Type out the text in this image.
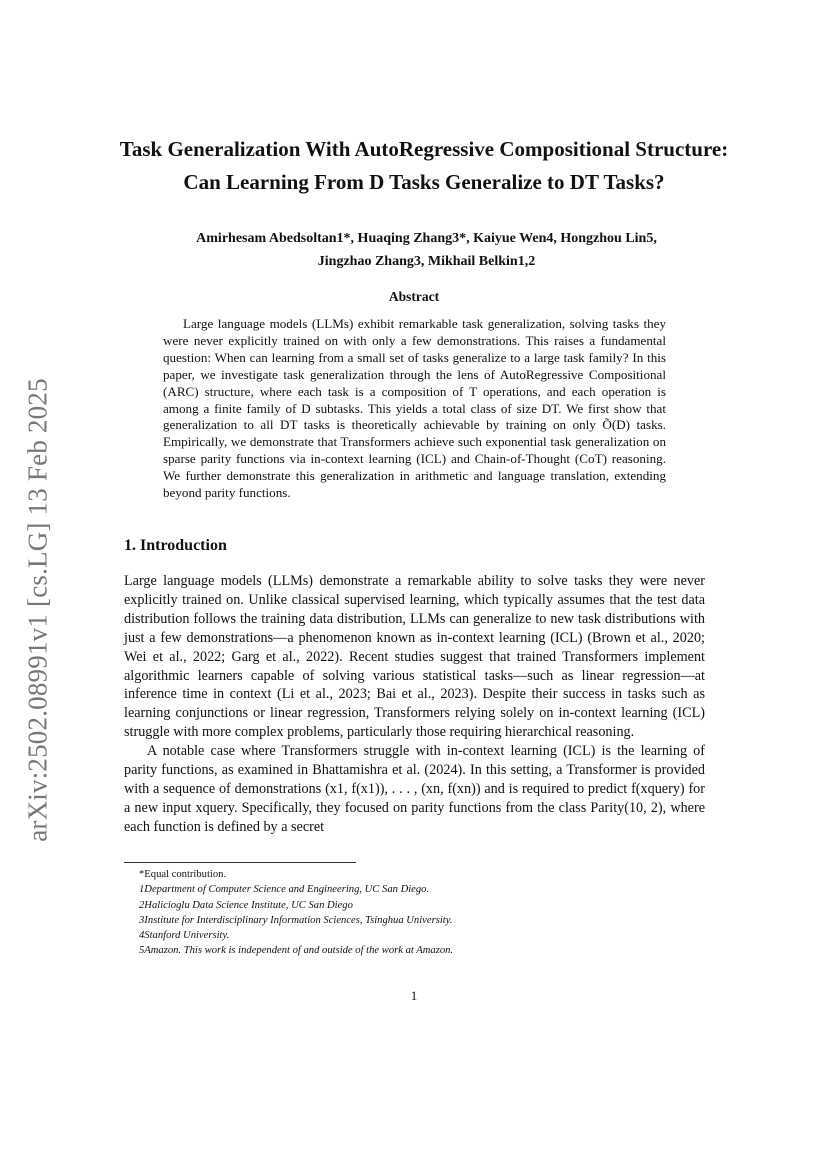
arXiv:2502.08991v1 [cs.LG] 13 Feb 2025
Task Generalization With AutoRegressive Compositional Structure:
Can Learning From D Tasks Generalize to DT Tasks?
Amirhesam Abedsoltan1*, Huaqing Zhang3*, Kaiyue Wen4, Hongzhou Lin5,
Jingzhao Zhang3, Mikhail Belkin1,2
Abstract

Large language models (LLMs) exhibit remarkable task generalization, solving tasks they were never explicitly trained on with only a few demonstrations. This raises a fundamental question: When can learning from a small set of tasks generalize to a large task family? In this paper, we investigate task generalization through the lens of AutoRegressive Compositional (ARC) structure, where each task is a composition of T operations, and each operation is among a finite family of D subtasks. This yields a total class of size DT. We first show that generalization to all DT tasks is theoretically achievable by training on only Õ(D) tasks. Empirically, we demonstrate that Transformers achieve such exponential task generalization on sparse parity functions via in-context learning (ICL) and Chain-of-Thought (CoT) reasoning. We further demonstrate this generalization in arithmetic and language translation, extending beyond parity functions.

1. Introduction

Large language models (LLMs) demonstrate a remarkable ability to solve tasks they were never explicitly trained on. Unlike classical supervised learning, which typically assumes that the test data distribution follows the training data distribution, LLMs can generalize to new task distributions with just a few demonstrations—a phenomenon known as in-context learning (ICL) (Brown et al., 2020; Wei et al., 2022; Garg et al., 2022). Recent studies suggest that trained Transformers implement algorithmic learners capable of solving various statistical tasks—such as linear regression—at inference time in context (Li et al., 2023; Bai et al., 2023). Despite their success in tasks such as learning conjunctions or linear regression, Transformers relying solely on in-context learning (ICL) struggle with more complex problems, particularly those requiring hierarchical reasoning.

A notable case where Transformers struggle with in-context learning (ICL) is the learning of parity functions, as examined in Bhattamishra et al. (2024). In this setting, a Transformer is provided with a sequence of demonstrations (x1, f(x1)), . . . , (xn, f(xn)) and is required to predict f(xquery) for a new input xquery. Specifically, they focused on parity functions from the class Parity(10, 2), where each function is defined by a secret

*Equal contribution.
1Department of Computer Science and Engineering, UC San Diego.
2Halicioglu Data Science Institute, UC San Diego
3Institute for Interdisciplinary Information Sciences, Tsinghua University.
4Stanford University.
5Amazon. This work is independent of and outside of the work at Amazon.
1
